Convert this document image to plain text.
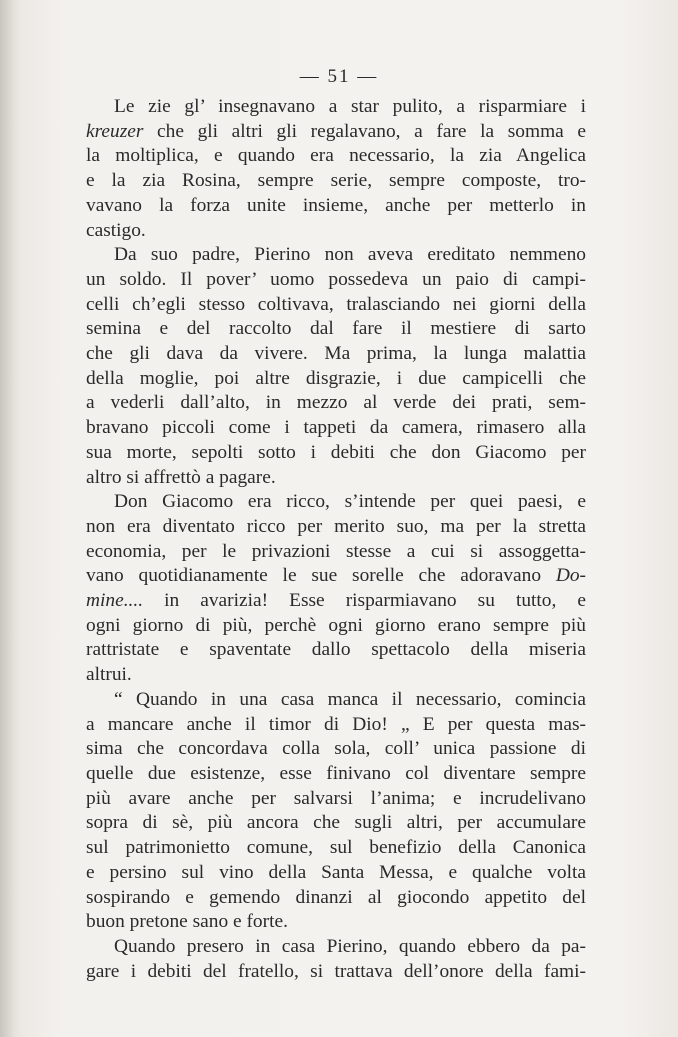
— 51 —
Le zie gl’ insegnavano a star pulito, a risparmiare i
kreuzer che gli altri gli regalavano, a fare la somma e
la moltiplica, e quando era necessario, la zia Angelica
e la zia Rosina, sempre serie, sempre composte, tro-
vavano la forza unite insieme, anche per metterlo in
castigo.
Da suo padre, Pierino non aveva ereditato nemmeno
un soldo. Il pover’ uomo possedeva un paio di campi-
celli ch’egli stesso coltivava, tralasciando nei giorni della
semina e del raccolto dal fare il mestiere di sarto
che gli dava da vivere. Ma prima, la lunga malattia
della moglie, poi altre disgrazie, i due campicelli che
a vederli dall’alto, in mezzo al verde dei prati, sem-
bravano piccoli come i tappeti da camera, rimasero alla
sua morte, sepolti sotto i debiti che don Giacomo per
altro si affrettò a pagare.
Don Giacomo era ricco, s’intende per quei paesi, e
non era diventato ricco per merito suo, ma per la stretta
economia, per le privazioni stesse a cui si assoggetta-
vano quotidianamente le sue sorelle che adoravano Do-
mine.... in avarizia! Esse risparmiavano su tutto, e
ogni giorno di più, perchè ogni giorno erano sempre più
rattristate e spaventate dallo spettacolo della miseria
altrui.
“ Quando in una casa manca il necessario, comincia
a mancare anche il timor di Dio! „ E per questa mas-
sima che concordava colla sola, coll’ unica passione di
quelle due esistenze, esse finivano col diventare sempre
più avare anche per salvarsi l’anima; e incrudelivano
sopra di sè, più ancora che sugli altri, per accumulare
sul patrimonietto comune, sul benefizio della Canonica
e persino sul vino della Santa Messa, e qualche volta
sospirando e gemendo dinanzi al giocondo appetito del
buon pretone sano e forte.
Quando presero in casa Pierino, quando ebbero da pa-
gare i debiti del fratello, si trattava dell’onore della fami-
